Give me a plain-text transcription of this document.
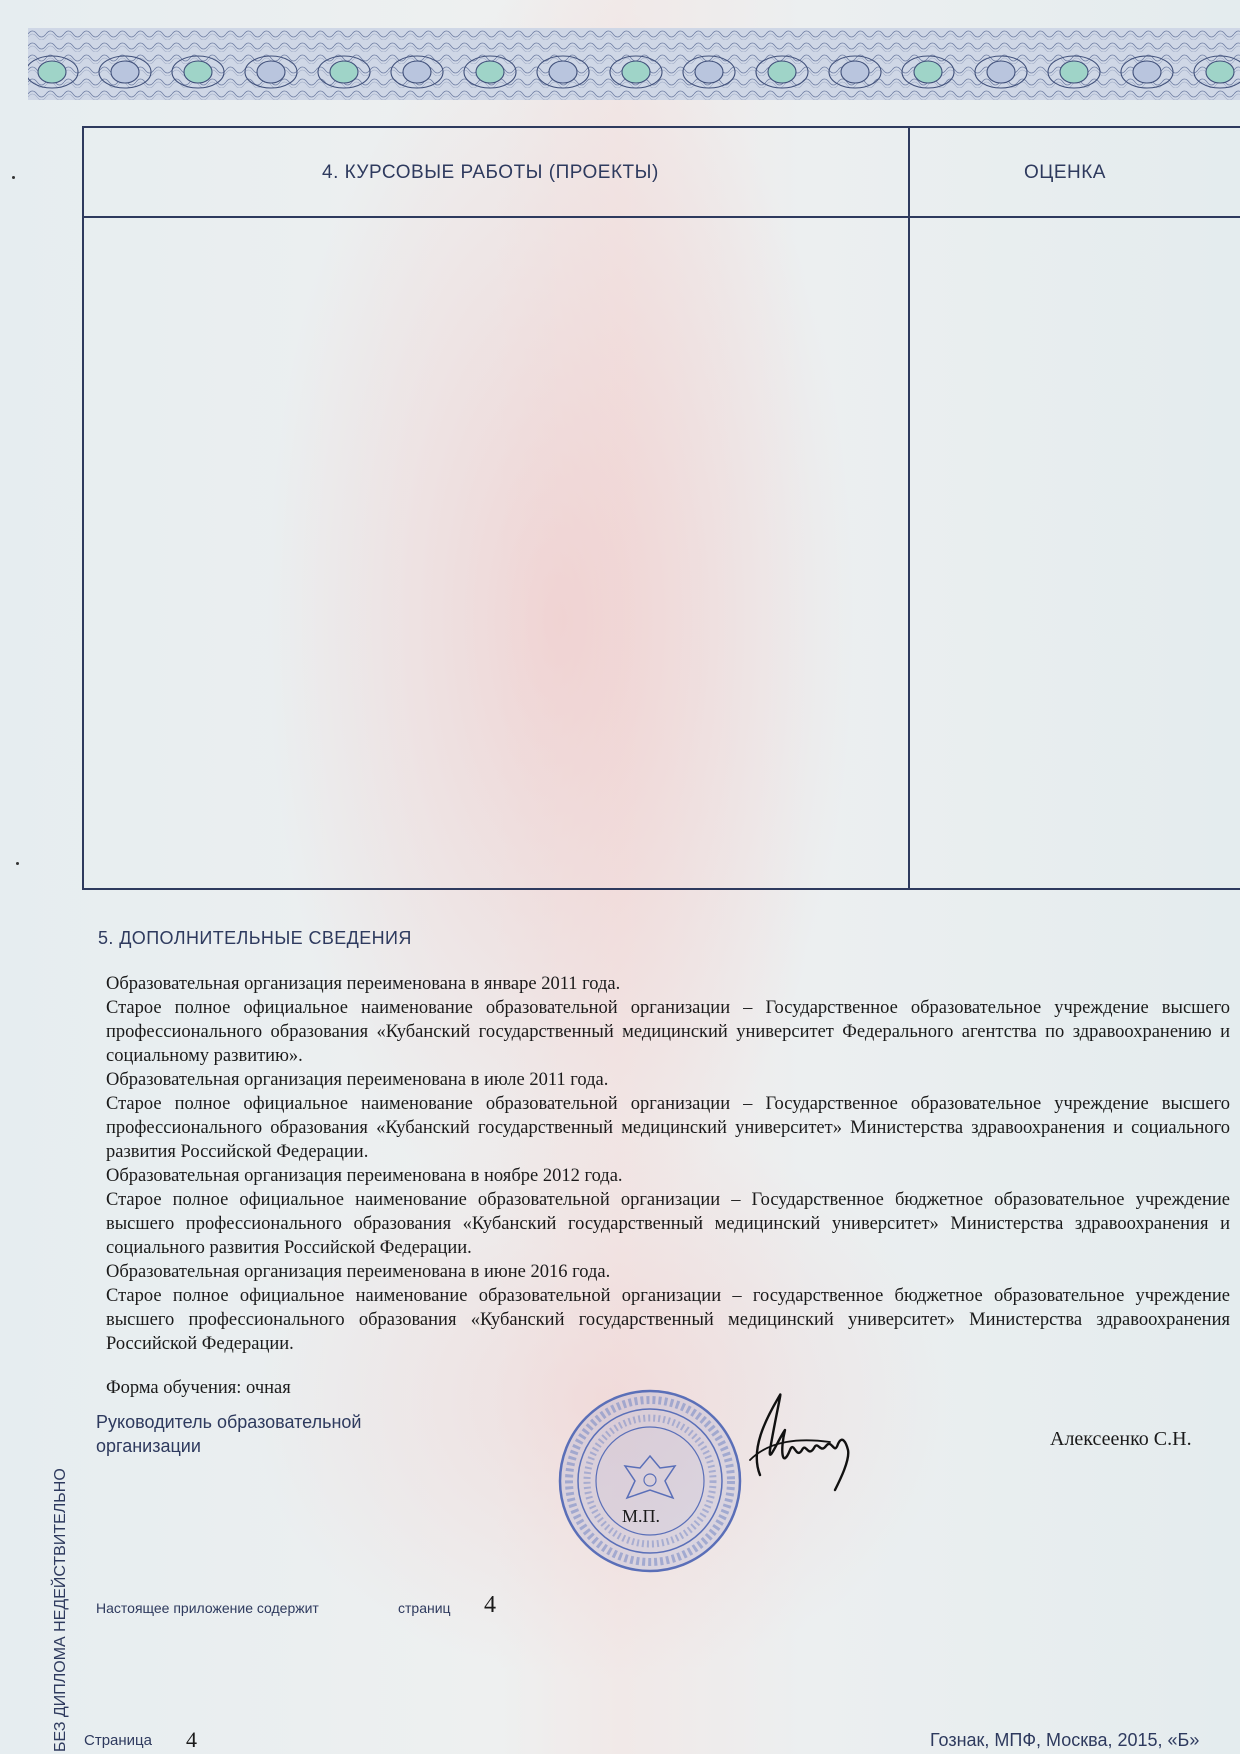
4. КУРСОВЫЕ РАБОТЫ (ПРОЕКТЫ)	ОЦЕНКА
5. ДОПОЛНИТЕЛЬНЫЕ СВЕДЕНИЯ

Образовательная организация переименована в январе 2011 года.

Старое полное официальное наименование образовательной организации – Государственное образовательное учреждение высшего профессионального образования «Кубанский государственный медицинский университет Федерального агентства по здравоохранению и социальному развитию».

Образовательная организация переименована в июле 2011 года.

Старое полное официальное наименование образовательной организации – Государственное образовательное учреждение высшего профессионального образования «Кубанский государственный медицинский университет» Министерства здравоохранения и социального развития Российской Федерации.

Образовательная организация переименована в ноябре 2012 года.

Старое полное официальное наименование образовательной организации – Государственное бюджетное образовательное учреждение высшего профессионального образования «Кубанский государственный медицинский университет» Министерства здравоохранения и социального развития Российской Федерации.

Образовательная организация переименована в июне 2016 года.

Старое полное официальное наименование образовательной организации – государственное бюджетное образовательное учреждение высшего профессионального образования «Кубанский государственный медицинский университет» Министерства здравоохранения Российской Федерации.

Форма обучения: очная
Руководитель образовательной организации	Алексеенко С.Н.
М.П.
Настоящее приложение содержит	страниц 4
БЕЗ ДИПЛОМА НЕДЕЙСТВИТЕЛЬНО Страница 4	Гознак, МПФ, Москва, 2015, «Б»
